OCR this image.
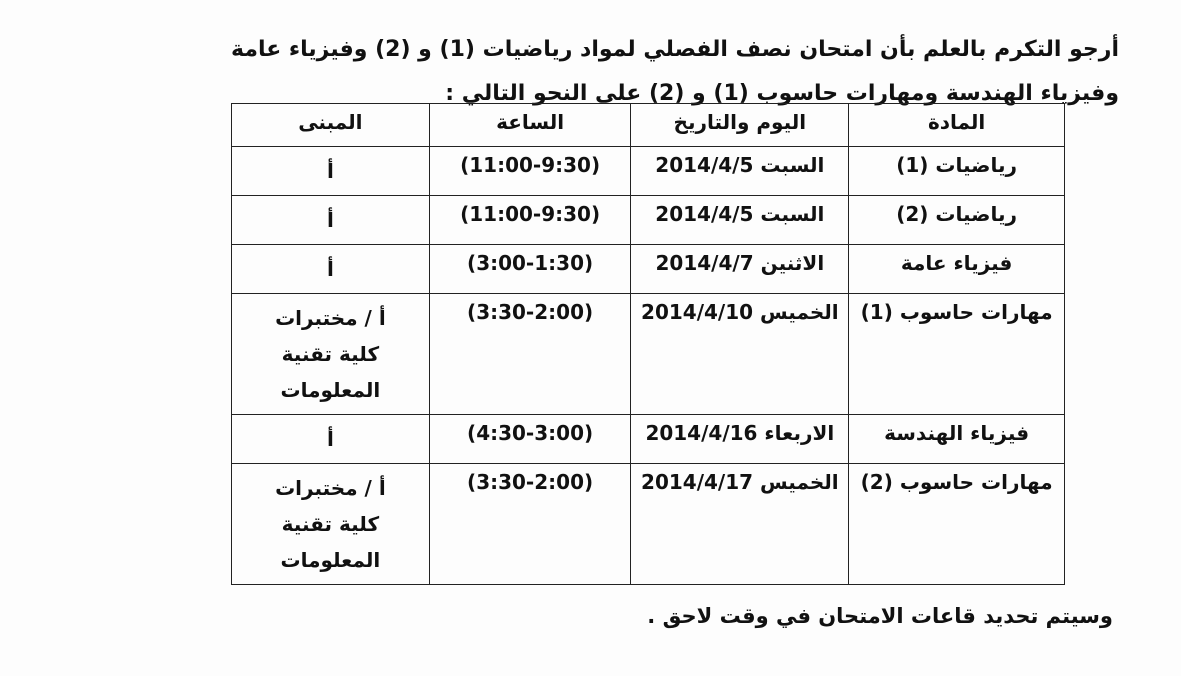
أرجو التكرم بالعلم بأن امتحان نصف الفصلي لمواد رياضيات (1) و (2) وفيزياء عامة
وفيزياء الهندسة ومهارات حاسوب (1) و (2) على النحو التالي :
المادة	اليوم والتاريخ	الساعة	المبنى
رياضيات (1)	السبت 2014/4/5	(11:00-9:30)	أ
رياضيات (2)	السبت 2014/4/5	(11:00-9:30)	أ
فيزياء عامة	الاثنين 2014/4/7	(3:00-1:30)	أ
مهارات حاسوب (1)	الخميس 2014/4/10	(3:30-2:00)	أ / مختبرات
كلية تقنية
المعلومات

فيزياء الهندسة	الاربعاء 2014/4/16	(4:30-3:00)	أ
مهارات حاسوب (2)	الخميس 2014/4/17	(3:30-2:00)	أ / مختبرات
كلية تقنية
المعلومات
وسيتم تحديد قاعات الامتحان في وقت لاحق .
